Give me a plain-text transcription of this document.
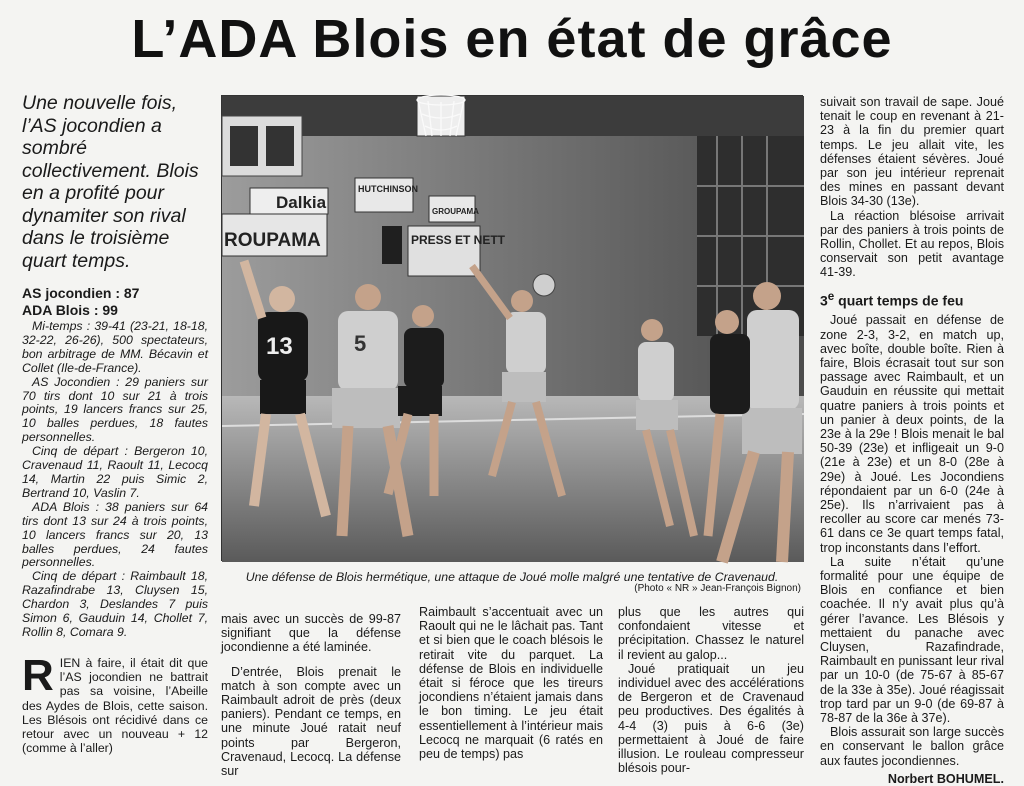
L’ADA Blois en état de grâce
Une nouvelle fois, l’AS jocondien a sombré collectivement. Blois en a profité pour dynamiter son rival dans le troisième quart temps.
AS jocondien : 87
ADA Blois : 99

Mi-temps : 39-41 (23-21, 18-18, 32-22, 26-26), 500 spectateurs, bon arbitrage de MM. Bécavin et Collet (Ile-de-France).

AS Jocondien : 29 paniers sur 70 tirs dont 10 sur 21 à trois points, 19 lancers francs sur 25, 10 balles perdues, 18 fautes personnelles.

Cinq de départ : Bergeron 10, Cravenaud 11, Raoult 11, Lecocq 14, Martin 22 puis Simic 2, Bertrand 10, Vaslin 7.

ADA Blois : 38 paniers sur 64 tirs dont 13 sur 24 à trois points, 10 lancers francs sur 20, 13 balles perdues, 24 fautes personnelles.

Cinq de départ : Raimbault 18, Razafindrabe 13, Cluysen 15, Chardon 3, Deslandes 7 puis Simon 6, Gauduin 14, Chollet 7, Rollin 8, Comara 9.

R IEN à faire, il était dit que l’AS jocondien ne battrait pas sa voisine, l’Abeille des Aydes de Blois, cette saison. Les Blésois ont récidivé dans ce retour avec un nouveau + 12 (comme à l’aller)
ROUPAMA
Dalkia
HUTCHINSON
GROUPAMA
PRESS ET NETT
13	5
Une défense de Blois hermétique, une attaque de Joué molle malgré une tentative de Cravenaud.
(Photo « NR » Jean-François Bignon)

mais avec un succès de 99-87 signifiant que la défense jocondienne a été laminée.

D’entrée, Blois prenait le match à son compte avec un Raimbault adroit de près (deux paniers). Pendant ce temps, en une minute Joué ratait neuf points par Bergeron, Cravenaud, Lecocq. La défense sur

Raimbault s’accentuait avec un Raoult qui ne le lâchait pas. Tant et si bien que le coach blésois le retirait vite du parquet. La défense de Blois en individuelle était si féroce que les tireurs jocondiens n’étaient jamais dans le bon timing. Le jeu était essentiellement à l’intérieur mais Lecocq ne marquait (6 ratés en peu de temps) pas

plus que les autres qui confondaient vitesse et précipitation. Chassez le naturel il revient au galop...

Joué pratiquait un jeu individuel avec des accélérations de Bergeron et de Cravenaud peu productives. Des égalités à 4-4 (3) puis à 6-6 (3e) permettaient à Joué de faire illusion. Le rouleau compresseur blésois pour-

suivait son travail de sape. Joué tenait le coup en revenant à 21-23 à la fin du premier quart temps. Le jeu allait vite, les défenses étaient sévères. Joué par son jeu intérieur reprenait des mines en passant devant Blois 34-30 (13e).

La réaction blésoise arrivait par des paniers à trois points de Rollin, Chollet. Et au repos, Blois conservait son petit avantage 41-39.

3e quart temps de feu

Joué passait en défense de zone 2-3, 3-2, en match up, avec boîte, double boîte. Rien à faire, Blois écrasait tout sur son passage avec Raimbault, et un Gauduin en réussite qui mettait quatre paniers à trois points et un panier à deux points, de la 23e à la 29e ! Blois menait le bal 50-39 (23e) et infligeait un 9-0 (21e à 23e) et un 8-0 (28e à 29e) à Joué. Les Jocondiens répondaient par un 6-0 (24e à 25e). Ils n’arrivaient pas à recoller au score car menés 73-61 dans ce 3e quart temps fatal, trop inconstants dans l’effort.

La suite n’était qu’une formalité pour une équipe de Blois en confiance et bien coachée. Il n’y avait plus qu’à gérer l’avance. Les Blésois y mettaient du panache avec Cluysen, Razafindrade, Raimbault en punissant leur rival par un 10-0 (de 75-67 à 85-67 de la 33e à 35e). Joué réagissait trop tard par un 9-0 (de 69-87 à 78-87 de la 36e à 37e).

Blois assurait son large succès en conservant le ballon grâce aux fautes jocondiennes.

Norbert BOHUMEL.
